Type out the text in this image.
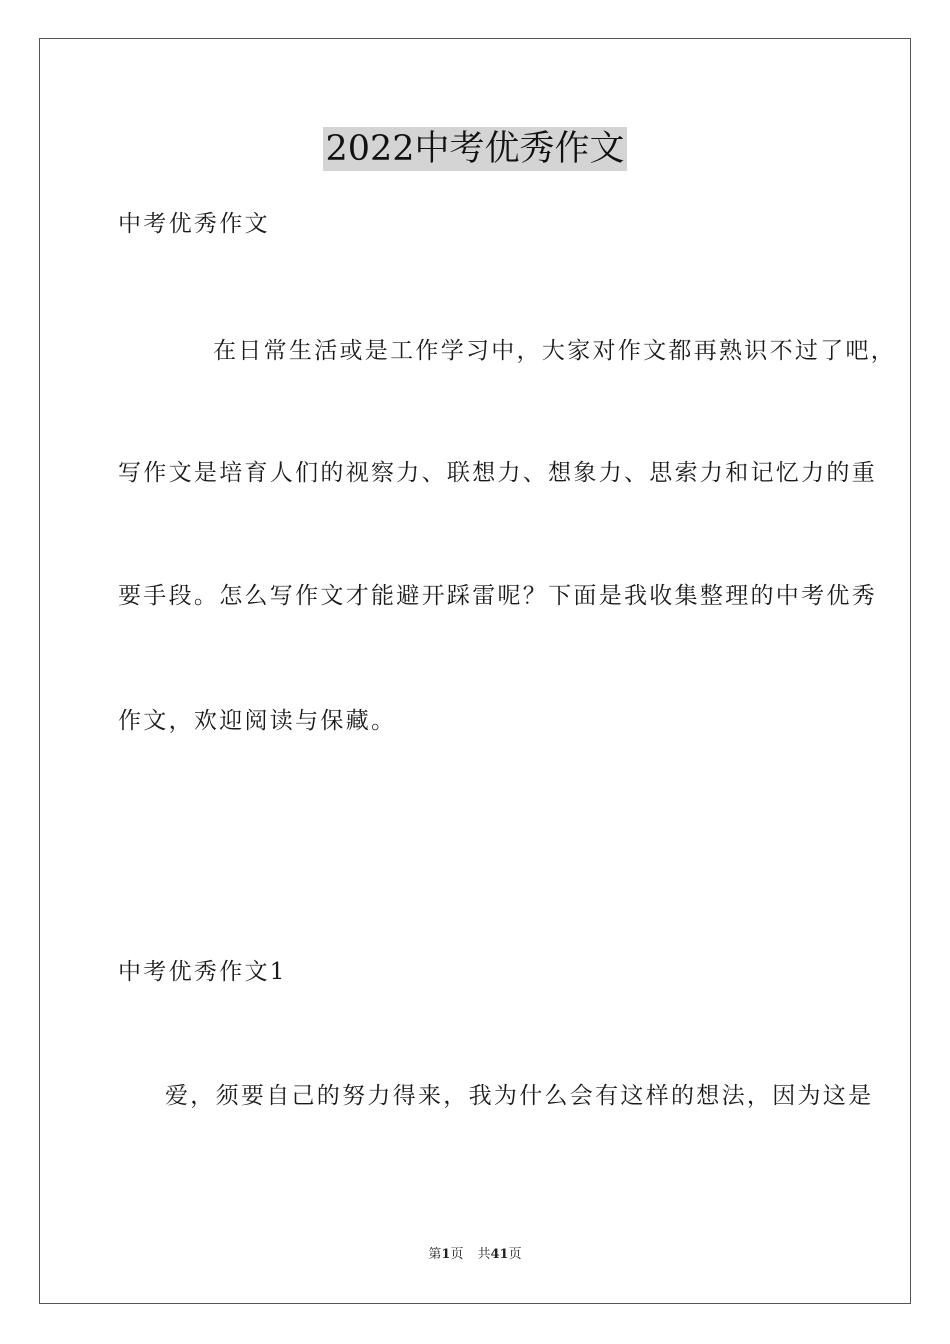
2022中考优秀作文
中考优秀作文
在日常生活或是工作学习中，大家对作文都再熟识不过了吧，
写作文是培育人们的视察力、联想力、想象力、思索力和记忆力的重
要手段。怎么写作文才能避开踩雷呢？下面是我收集整理的中考优秀
作文，欢迎阅读与保藏。
中考优秀作文1
爱，须要自己的努力得来，我为什么会有这样的想法，因为这是
第1页 共41页
